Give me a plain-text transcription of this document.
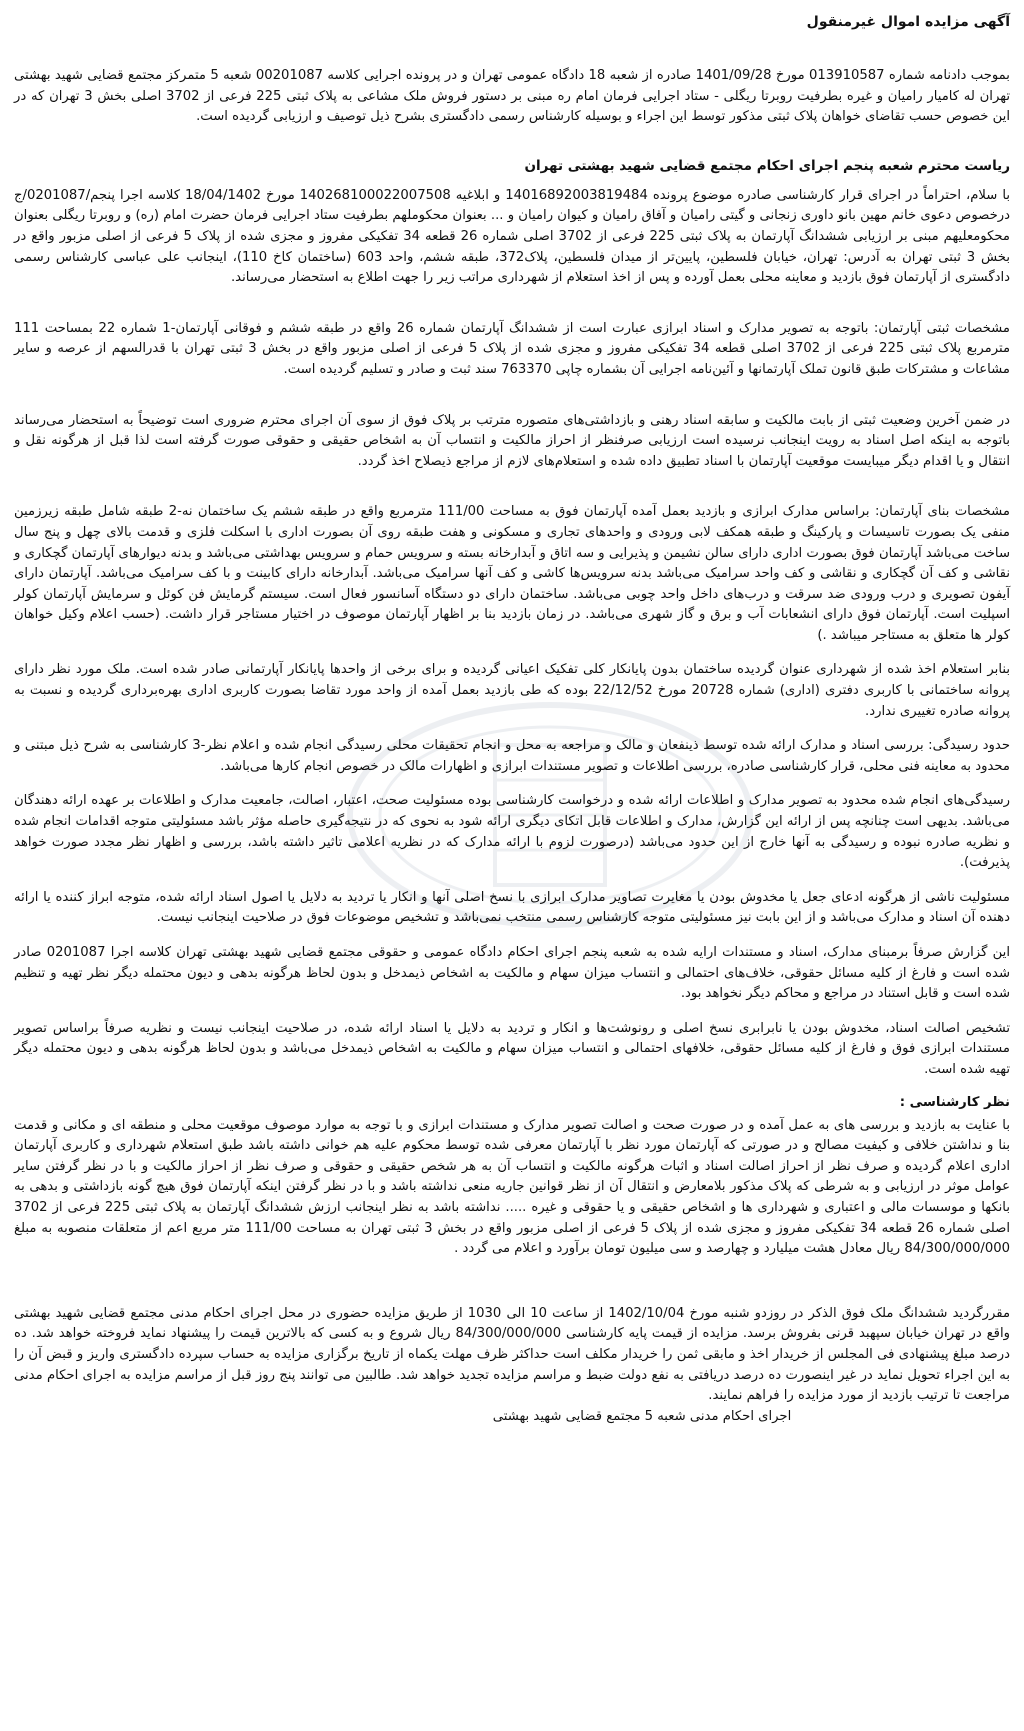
آگهی مزایده اموال غیرمنقول

بموجب دادنامه شماره 013910587 مورخ 1401/09/28 صادره از شعبه 18 دادگاه عمومی تهران و در پرونده اجرایی کلاسه 00201087 شعبه 5 متمرکز مجتمع قضایی شهید بهشتی تهران له کامیار رامیان و غیره بطرفیت روبرتا ریگلی - ستاد اجرایی فرمان امام ره مبنی بر دستور فروش ملک مشاعی به پلاک ثبتی 225 فرعی از 3702 اصلی بخش 3 تهران که در این خصوص حسب تقاضای خواهان پلاک ثبتی مذکور توسط این اجراء و بوسیله کارشناس رسمی دادگستری بشرح ذیل توصیف و ارزیابی گردیده است.

ریاست محترم شعبه پنجم اجرای احکام مجتمع قضایی شهید بهشتی تهران

با سلام، احتراماً در اجرای قرار کارشناسی صادره موضوع پرونده 14016892003819484 و ابلاغیه 140268100022007508 مورخ 18/04/1402 کلاسه اجرا پنجم/0201087/ج درخصوص دعوی خانم مهین بانو داوری زنجانی و گیتی رامیان و آفاق رامیان و کیوان رامیان و ... بعنوان محکوملهم بطرفیت ستاد اجرایی فرمان حضرت امام (ره) و روبرتا ریگلی بعنوان محکومعلیهم مبنی بر ارزیابی ششدانگ آپارتمان به پلاک ثبتی 225 فرعی از 3702 اصلی شماره 26 قطعه 34 تفکیکی مفروز و مجزی شده از پلاک 5 فرعی از اصلی مزبور واقع در بخش 3 ثبتی تهران به آدرس: تهران، خیابان فلسطین، پایین‌تر از میدان فلسطین، پلاک372، طبقه ششم، واحد 603 (ساختمان کاخ 110)، اینجانب علی عباسی کارشناس رسمی دادگستری از آپارتمان فوق بازدید و معاینه محلی بعمل آورده و پس از اخذ استعلام از شهرداری مراتب زیر را جهت اطلاع به استحضار می‌رساند.

مشخصات ثبتی آپارتمان: باتوجه به تصویر مدارک و اسناد ابرازی عبارت است از ششدانگ آپارتمان شماره 26 واقع در طبقه ششم و فوقانی آپارتمان-1 شماره 22 بمساحت 111 مترمربع پلاک ثبتی 225 فرعی از 3702 اصلی قطعه 34 تفکیکی مفروز و مجزی شده از پلاک 5 فرعی از اصلی مزبور واقع در بخش 3 ثبتی تهران با قدرالسهم از عرصه و سایر مشاعات و مشترکات طبق قانون تملک آپارتمانها و آئین‌نامه اجرایی آن بشماره چاپی 763370 سند ثبت و صادر و تسلیم گردیده است.

در ضمن آخرین وضعیت ثبتی از بابت مالکیت و سابقه اسناد رهنی و بازداشتی‌های متصوره مترتب بر پلاک فوق از سوی آن اجرای محترم ضروری است توضیحاً به استحضار می‌رساند باتوجه به اینکه اصل اسناد به رویت اینجانب نرسیده است ارزیابی صرفنظر از احراز مالکیت و انتساب آن به اشخاص حقیقی و حقوقی صورت گرفته است لذا قبل از هرگونه نقل و انتقال و یا اقدام دیگر میبایست موقعیت آپارتمان با اسناد تطبیق داده شده و استعلام‌های لازم از مراجع ذیصلاح اخذ گردد.

مشخصات بنای آپارتمان: براساس مدارک ابرازی و بازدید بعمل آمده آپارتمان فوق به مساحت 111/00 مترمربع واقع در طبقه ششم یک ساختمان نه-2 طبقه شامل طبقه زیرزمین منفی یک بصورت تاسیسات و پارکینگ و طبقه همکف لابی ورودی و واحدهای تجاری و مسکونی و هفت طبقه روی آن بصورت اداری با اسکلت فلزی و قدمت بالای چهل و پنج سال ساخت می‌باشد آپارتمان فوق بصورت اداری دارای سالن نشیمن و پذیرایی و سه اتاق و آبدارخانه بسته و سرویس حمام و سرویس بهداشتی می‌باشد و بدنه دیوارهای آپارتمان گچکاری و نقاشی و کف آن گچکاری و نقاشی و کف واحد سرامیک می‌باشد بدنه سرویس‌ها کاشی و کف آنها سرامیک می‌باشد. آبدارخانه دارای کابینت و با کف سرامیک می‌باشد. آپارتمان دارای آیفون تصویری و درب ورودی ضد سرقت و درب‌های داخل واحد چوبی می‌باشد. ساختمان دارای دو دستگاه آسانسور فعال است. سیستم گرمایش فن کوئل و سرمایش آپارتمان کولر اسپلیت است. آپارتمان فوق دارای انشعابات آب و برق و گاز شهری می‌باشد. در زمان بازدید بنا بر اظهار آپارتمان موصوف در اختیار مستاجر قرار داشت. (حسب اعلام وکیل خواهان کولر ها متعلق به مستاجر میباشد .)

بنابر استعلام اخذ شده از شهرداری عنوان گردیده ساختمان بدون پایانکار کلی تفکیک اعیانی گردیده و برای برخی از واحدها پایانکار آپارتمانی صادر شده است. ملک مورد نظر دارای پروانه ساختمانی با کاربری دفتری (اداری) شماره 20728 مورخ 22/12/52 بوده که طی بازدید بعمل آمده از واحد مورد تقاضا بصورت کاربری اداری بهره‌برداری گردیده و نسبت به پروانه صادره تغییری ندارد.

حدود رسیدگی: بررسی اسناد و مدارک ارائه شده توسط ذینفعان و مالک و مراجعه به محل و انجام تحقیقات محلی رسیدگی انجام شده و اعلام نظر-3 کارشناسی به شرح ذیل مبتنی و محدود به معاینه فنی محلی، قرار کارشناسی صادره، بررسی اطلاعات و تصویر مستندات ابرازی و اظهارات مالک در خصوص انجام کارها می‌باشد.

رسیدگی‌های انجام شده محدود به تصویر مدارک و اطلاعات ارائه شده و درخواست کارشناسی بوده مسئولیت صحت، اعتبار، اصالت، جامعیت مدارک و اطلاعات بر عهده ارائه دهندگان می‌باشد. بدیهی است چنانچه پس از ارائه این گزارش، مدارک و اطلاعات قابل اتکای دیگری ارائه شود به نحوی که در نتیجه‌گیری حاصله مؤثر باشد مسئولیتی متوجه اقدامات انجام شده و نظریه صادره نبوده و رسیدگی به آنها خارج از این حدود می‌باشد (درصورت لزوم با ارائه مدارک که در نظریه اعلامی تاثیر داشته باشد، بررسی و اظهار نظر مجدد صورت خواهد پذیرفت).

مسئولیت ناشی از هرگونه ادعای جعل یا مخدوش بودن یا مغایرت تصاویر مدارک ابرازی با نسخ اصلی آنها و انکار یا تردید به دلایل یا اصول اسناد ارائه شده، متوجه ابراز کننده یا ارائه دهنده آن اسناد و مدارک می‌باشد و از این بابت نیز مسئولیتی متوجه کارشناس رسمی منتخب نمی‌باشد و تشخیص موضوعات فوق در صلاحیت اینجانب نیست.

این گزارش صرفاً برمبنای مدارک، اسناد و مستندات ارایه شده به شعبه پنجم اجرای احکام دادگاه عمومی و حقوقی مجتمع قضایی شهید بهشتی تهران کلاسه اجرا 0201087 صادر شده است و فارغ از کلیه مسائل حقوقی، خلاف‌های احتمالی و انتساب میزان سهام و مالکیت به اشخاص ذیمدخل و بدون لحاظ هرگونه بدهی و دیون محتمله دیگر نظر تهیه و تنظیم شده است و قابل استناد در مراجع و محاکم دیگر نخواهد بود.

تشخیص اصالت اسناد، مخدوش بودن یا نابرابری نسخ اصلی و رونوشت‌ها و انکار و تردید به دلایل یا اسناد ارائه شده، در صلاحیت اینجانب نیست و نظریه صرفاً براساس تصویر مستندات ابرازی فوق و فارغ از کلیه مسائل حقوقی، خلافهای احتمالی و انتساب میزان سهام و مالکیت به اشخاص ذیمدخل می‌باشد و بدون لحاظ هرگونه بدهی و دیون محتمله دیگر تهیه شده است.

نظر کارشناسی :

با عنایت به بازدید و بررسی های به عمل آمده و در صورت صحت و اصالت تصویر مدارک و مستندات ابرازی و با توجه به موارد موصوف موقعیت محلی و منطقه ای و مکانی و قدمت بنا و نداشتن خلافی و کیفیت مصالح و در صورتی که آپارتمان مورد نظر با آپارتمان معرفی شده توسط محکوم علیه هم خوانی داشته باشد طبق استعلام شهرداری و کاربری آپارتمان اداری اعلام گردیده و صرف نظر از احراز اصالت اسناد و اثبات هرگونه مالکیت و انتساب آن به هر شخص حقیقی و حقوقی و صرف نظر از احراز مالکیت و با در نظر گرفتن سایر عوامل موثر در ارزیابی و به شرطی که پلاک مذکور بلامعارض و انتقال آن از نظر قوانین جاریه منعی نداشته باشد و با در نظر گرفتن اینکه آپارتمان فوق هیچ گونه بازداشتی و بدهی به بانکها و موسسات مالی و اعتباری و شهرداری ها و اشخاص حقیقی و یا حقوقی و غیره ..... نداشته باشد به نظر اینجانب ارزش ششدانگ آپارتمان به پلاک ثبتی 225 فرعی از 3702 اصلی شماره 26 قطعه 34 تفکیکی مفروز و مجزی شده از پلاک 5 فرعی از اصلی مزبور واقع در بخش 3 ثبتی تهران به مساحت 111/00 متر مربع اعم از متعلقات منصوبه به مبلغ 84/300/000/000 ریال معادل هشت میلیارد و چهارصد و سی میلیون تومان برآورد و اعلام می گردد .

مقررگردید ششدانگ ملک فوق الذکر در روزدو شنبه مورخ 1402/10/04 از ساعت 10 الی 1030 از طریق مزایده حضوری در محل اجرای احکام مدنی مجتمع قضایی شهید بهشتی واقع در تهران خیابان سپهبد قرنی بفروش برسد. مزایده از قیمت پایه کارشناسی 84/300/000/000 ریال شروع و به کسی که بالاترین قیمت را پیشنهاد نماید فروخته خواهد شد. ده درصد مبلغ پیشنهادی فی المجلس از خریدار اخذ و مابقی ثمن را خریدار مکلف است حداکثر ظرف مهلت یکماه از تاریخ برگزاری مزایده به حساب سپرده دادگستری واریز و قبض آن را به این اجراء تحویل نماید در غیر اینصورت ده درصد دریافتی به نفع دولت ضبط و مراسم مزایده تجدید خواهد شد. طالبین می توانند پنج روز قبل از مراسم مزایده به اجرای احکام مدنی مراجعت تا ترتیب بازدید از مورد مزایده را فراهم نمایند.

اجرای احکام مدنی شعبه 5 مجتمع قضایی شهید بهشتی
